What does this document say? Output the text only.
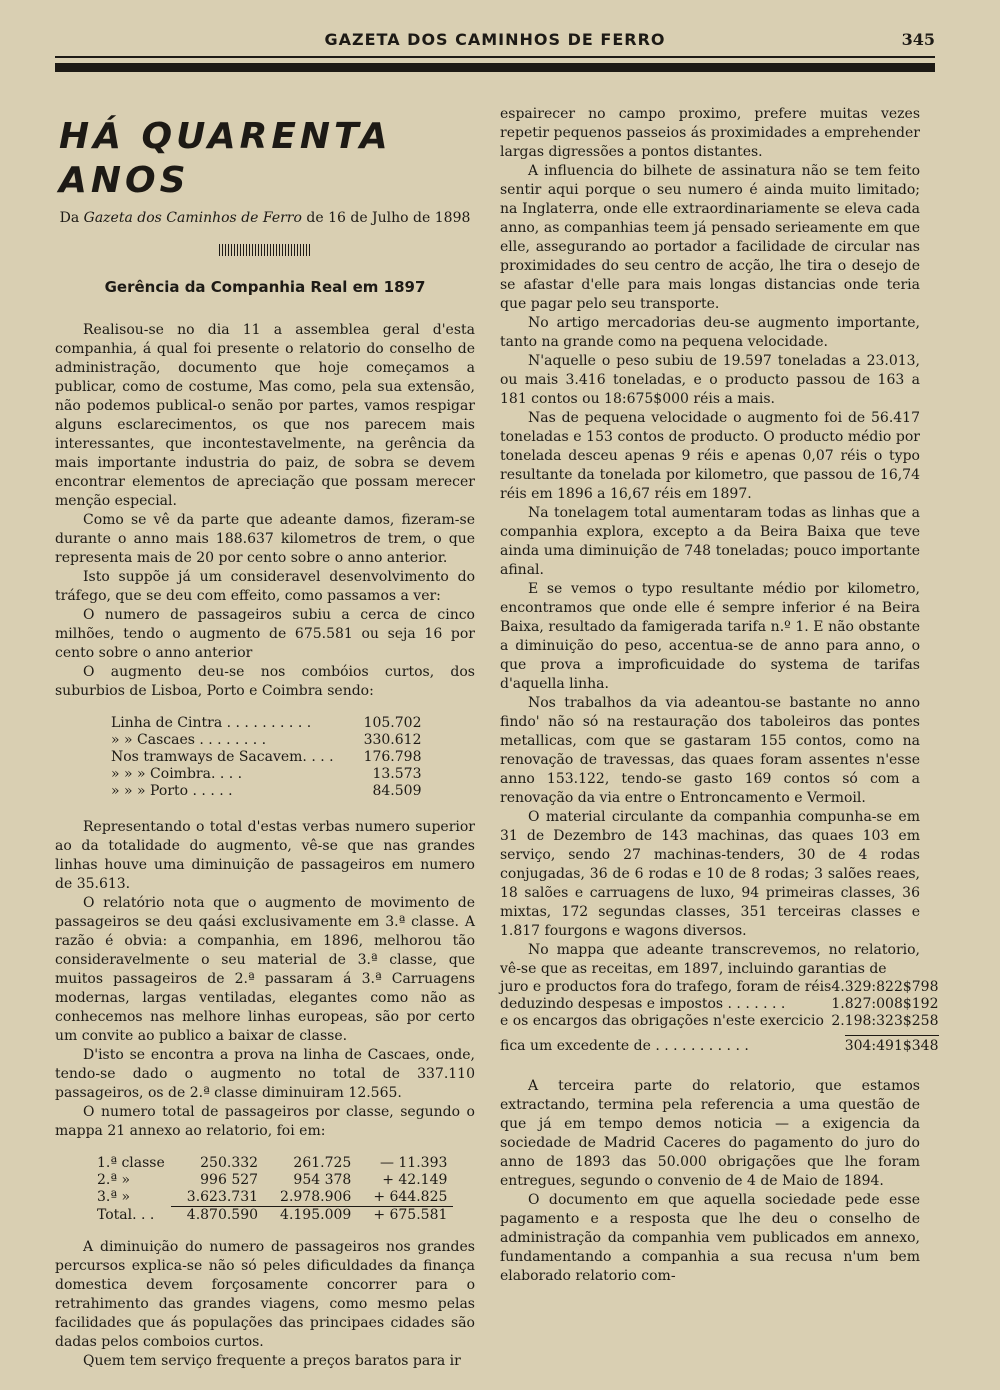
GAZETA DOS CAMINHOS DE FERRO	345
HÁ QUARENTA ANOS
Da Gazeta dos Caminhos de Ferro de 16 de Julho de 1898
Gerência da Companhia Real em 1897

Realisou-se no dia 11 a assemblea geral d'esta companhia, á qual foi presente o relatorio do conselho de administração, documento que hoje começamos a publicar, como de costume, Mas como, pela sua extensão, não podemos publical-o senão por partes, vamos respigar alguns esclarecimentos, os que nos parecem mais interessantes, que incontestavelmente, na gerência da mais importante industria do paiz, de sobra se devem encontrar elementos de apreciação que possam merecer menção especial.

Como se vê da parte que adeante damos, fizeram-se durante o anno mais 188.637 kilometros de trem, o que representa mais de 20 por cento sobre o anno anterior.

Isto suppõe já um consideravel desenvolvimento do tráfego, que se deu com effeito, como passamos a ver:

O numero de passageiros subiu a cerca de cinco milhões, tendo o augmento de 675.581 ou seja 16 por cento sobre o anno anterior

O augmento deu-se nos combóios curtos, dos suburbios de Lisboa, Porto e Coimbra sendo:

Linha de Cintra . . . . . . . . . .	105.702
» » Cascaes . . . . . . . .	330.612
Nos tramways de Sacavem. . . .	176.798
» » » Coimbra. . . .	13.573
» » » Porto . . . . .	84.509

Representando o total d'estas verbas numero superior ao da totalidade do augmento, vê-se que nas grandes linhas houve uma diminuição de passageiros em numero de 35.613.

O relatório nota que o augmento de movimento de passageiros se deu qaási exclusivamente em 3.ª classe. A razão é obvia: a companhia, em 1896, melhorou tão consideravelmente o seu material de 3.ª classe, que muitos passageiros de 2.ª passaram á 3.ª Carruagens modernas, largas ventiladas, elegantes como não as conhecemos nas melhore linhas europeas, são por certo um convite ao publico a baixar de classe.

D'isto se encontra a prova na linha de Cascaes, onde, tendo-se dado o augmento no total de 337.110 passageiros, os de 2.ª classe diminuiram 12.565.

O numero total de passageiros por classe, segundo o mappa 21 annexo ao relatorio, foi em:

1.ª classe	250.332	261.725	— 11.393
2.ª »	996 527	954 378	+ 42.149
3.ª »	3.623.731	2.978.906	+ 644.825
Total. . .	4.870.590	4.195.009	+ 675.581

A diminuição do numero de passageiros nos grandes percursos explica-se não só peles dificuldades da finança domestica devem forçosamente concorrer para o retrahimento das grandes viagens, como mesmo pelas facilidades que ás populações das principaes cidades são dadas pelos comboios curtos.

Quem tem serviço frequente a preços baratos para ir

espairecer no campo proximo, prefere muitas vezes repetir pequenos passeios ás proximidades a emprehender largas digressões a pontos distantes.

A influencia do bilhete de assinatura não se tem feito sentir aqui porque o seu numero é ainda muito limitado; na Inglaterra, onde elle extraordinariamente se eleva cada anno, as companhias teem já pensado serieamente em que elle, assegurando ao portador a facilidade de circular nas proximidades do seu centro de acção, lhe tira o desejo de se afastar d'elle para mais longas distancias onde teria que pagar pelo seu transporte.

No artigo mercadorias deu-se augmento importante, tanto na grande como na pequena velocidade.

N'aquelle o peso subiu de 19.597 toneladas a 23.013, ou mais 3.416 toneladas, e o producto passou de 163 a 181 contos ou 18:675$000 réis a mais.

Nas de pequena velocidade o augmento foi de 56.417 toneladas e 153 contos de producto. O producto médio por tonelada desceu apenas 9 réis e apenas 0,07 réis o typo resultante da tonelada por kilometro, que passou de 16,74 réis em 1896 a 16,67 réis em 1897.

Na tonelagem total aumentaram todas as linhas que a companhia explora, excepto a da Beira Baixa que teve ainda uma diminuição de 748 toneladas; pouco importante afinal.

E se vemos o typo resultante médio por kilometro, encontramos que onde elle é sempre inferior é na Beira Baixa, resultado da famigerada tarifa n.º 1. E não obstante a diminuição do peso, accentua-se de anno para anno, o que prova a improficuidade do systema de tarifas d'aquella linha.

Nos trabalhos da via adeantou-se bastante no anno findo' não só na restauração dos taboleiros das pontes metallicas, com que se gastaram 155 contos, como na renovação de travessas, das quaes foram assentes n'esse anno 153.122, tendo-se gasto 169 contos só com a renovação da via entre o Entroncamento e Vermoil.

O material circulante da companhia compunha-se em 31 de Dezembro de 143 machinas, das quaes 103 em serviço, sendo 27 machinas-tenders, 30 de 4 rodas conjugadas, 36 de 6 rodas e 10 de 8 rodas; 3 salões reaes, 18 salões e carruagens de luxo, 94 primeiras classes, 36 mixtas, 172 segundas classes, 351 terceiras classes e 1.817 fourgons e wagons diversos.

No mappa que adeante transcrevemos, no relatorio, vê-se que as receitas, em 1897, incluindo garantias de

juro e productos fora do trafego, foram de réis	4.329:822$798
deduzindo despesas e impostos . . . . . . .	1.827:008$192
e os encargos das obrigações n'este exercicio	2.198:323$258
fica um excedente de . . . . . . . . . . .	304:491$348

A terceira parte do relatorio, que estamos extractando, termina pela referencia a uma questão de que já em tempo demos noticia — a exigencia da sociedade de Madrid Caceres do pagamento do juro do anno de 1893 das 50.000 obrigações que lhe foram entregues, segundo o convenio de 4 de Maio de 1894.

O documento em que aquella sociedade pede esse pagamento e a resposta que lhe deu o conselho de administração da companhia vem publicados em annexo, fundamentando a companhia a sua recusa n'um bem elaborado relatorio com-
